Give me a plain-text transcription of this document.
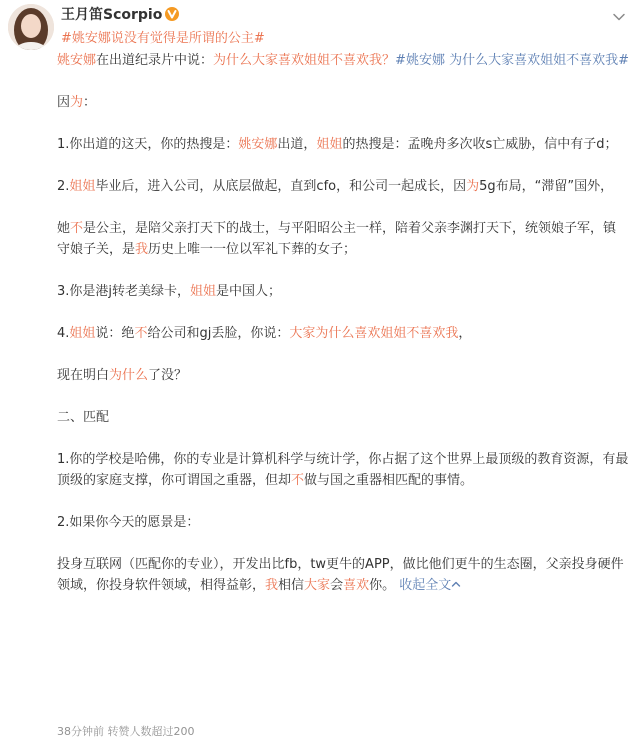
王月笛Scorpio
#姚安娜说没有觉得是所谓的公主#

姚安娜在出道纪录片中说：为什么大家喜欢姐姐不喜欢我？#姚安娜 为什么大家喜欢姐姐不喜欢我#

因为：

1.你出道的这天，你的热搜是：姚安娜出道，姐姐的热搜是：孟晚舟多次收s亡威胁，信中有子d；

2.姐姐毕业后，进入公司，从底层做起，直到cfo，和公司一起成长，因为5g布局，“滞留”国外，

她不是公主，是陪父亲打天下的战士，与平阳昭公主一样，陪着父亲李渊打天下，统领娘子军，镇守娘子关，是我历史上唯一一位以军礼下葬的女子；

3.你是港j转老美绿卡，姐姐是中国人；

4.姐姐说：绝不给公司和gj丢脸，你说：大家为什么喜欢姐姐不喜欢我，

现在明白为什么了没？

二、匹配

1.你的学校是哈佛，你的专业是计算机科学与统计学，你占据了这个世界上最顶级的教育资源，有最顶级的家庭支撑，你可谓国之重器，但却不做与国之重器相匹配的事情。

2.如果你今天的愿景是：

投身互联网（匹配你的专业），开发出比fb，tw更牛的APP，做比他们更牛的生态圈，父亲投身硬件领域，你投身软件领域，相得益彰，我相信大家会喜欢你。 收起全文

38分钟前 转赞人数超过200
